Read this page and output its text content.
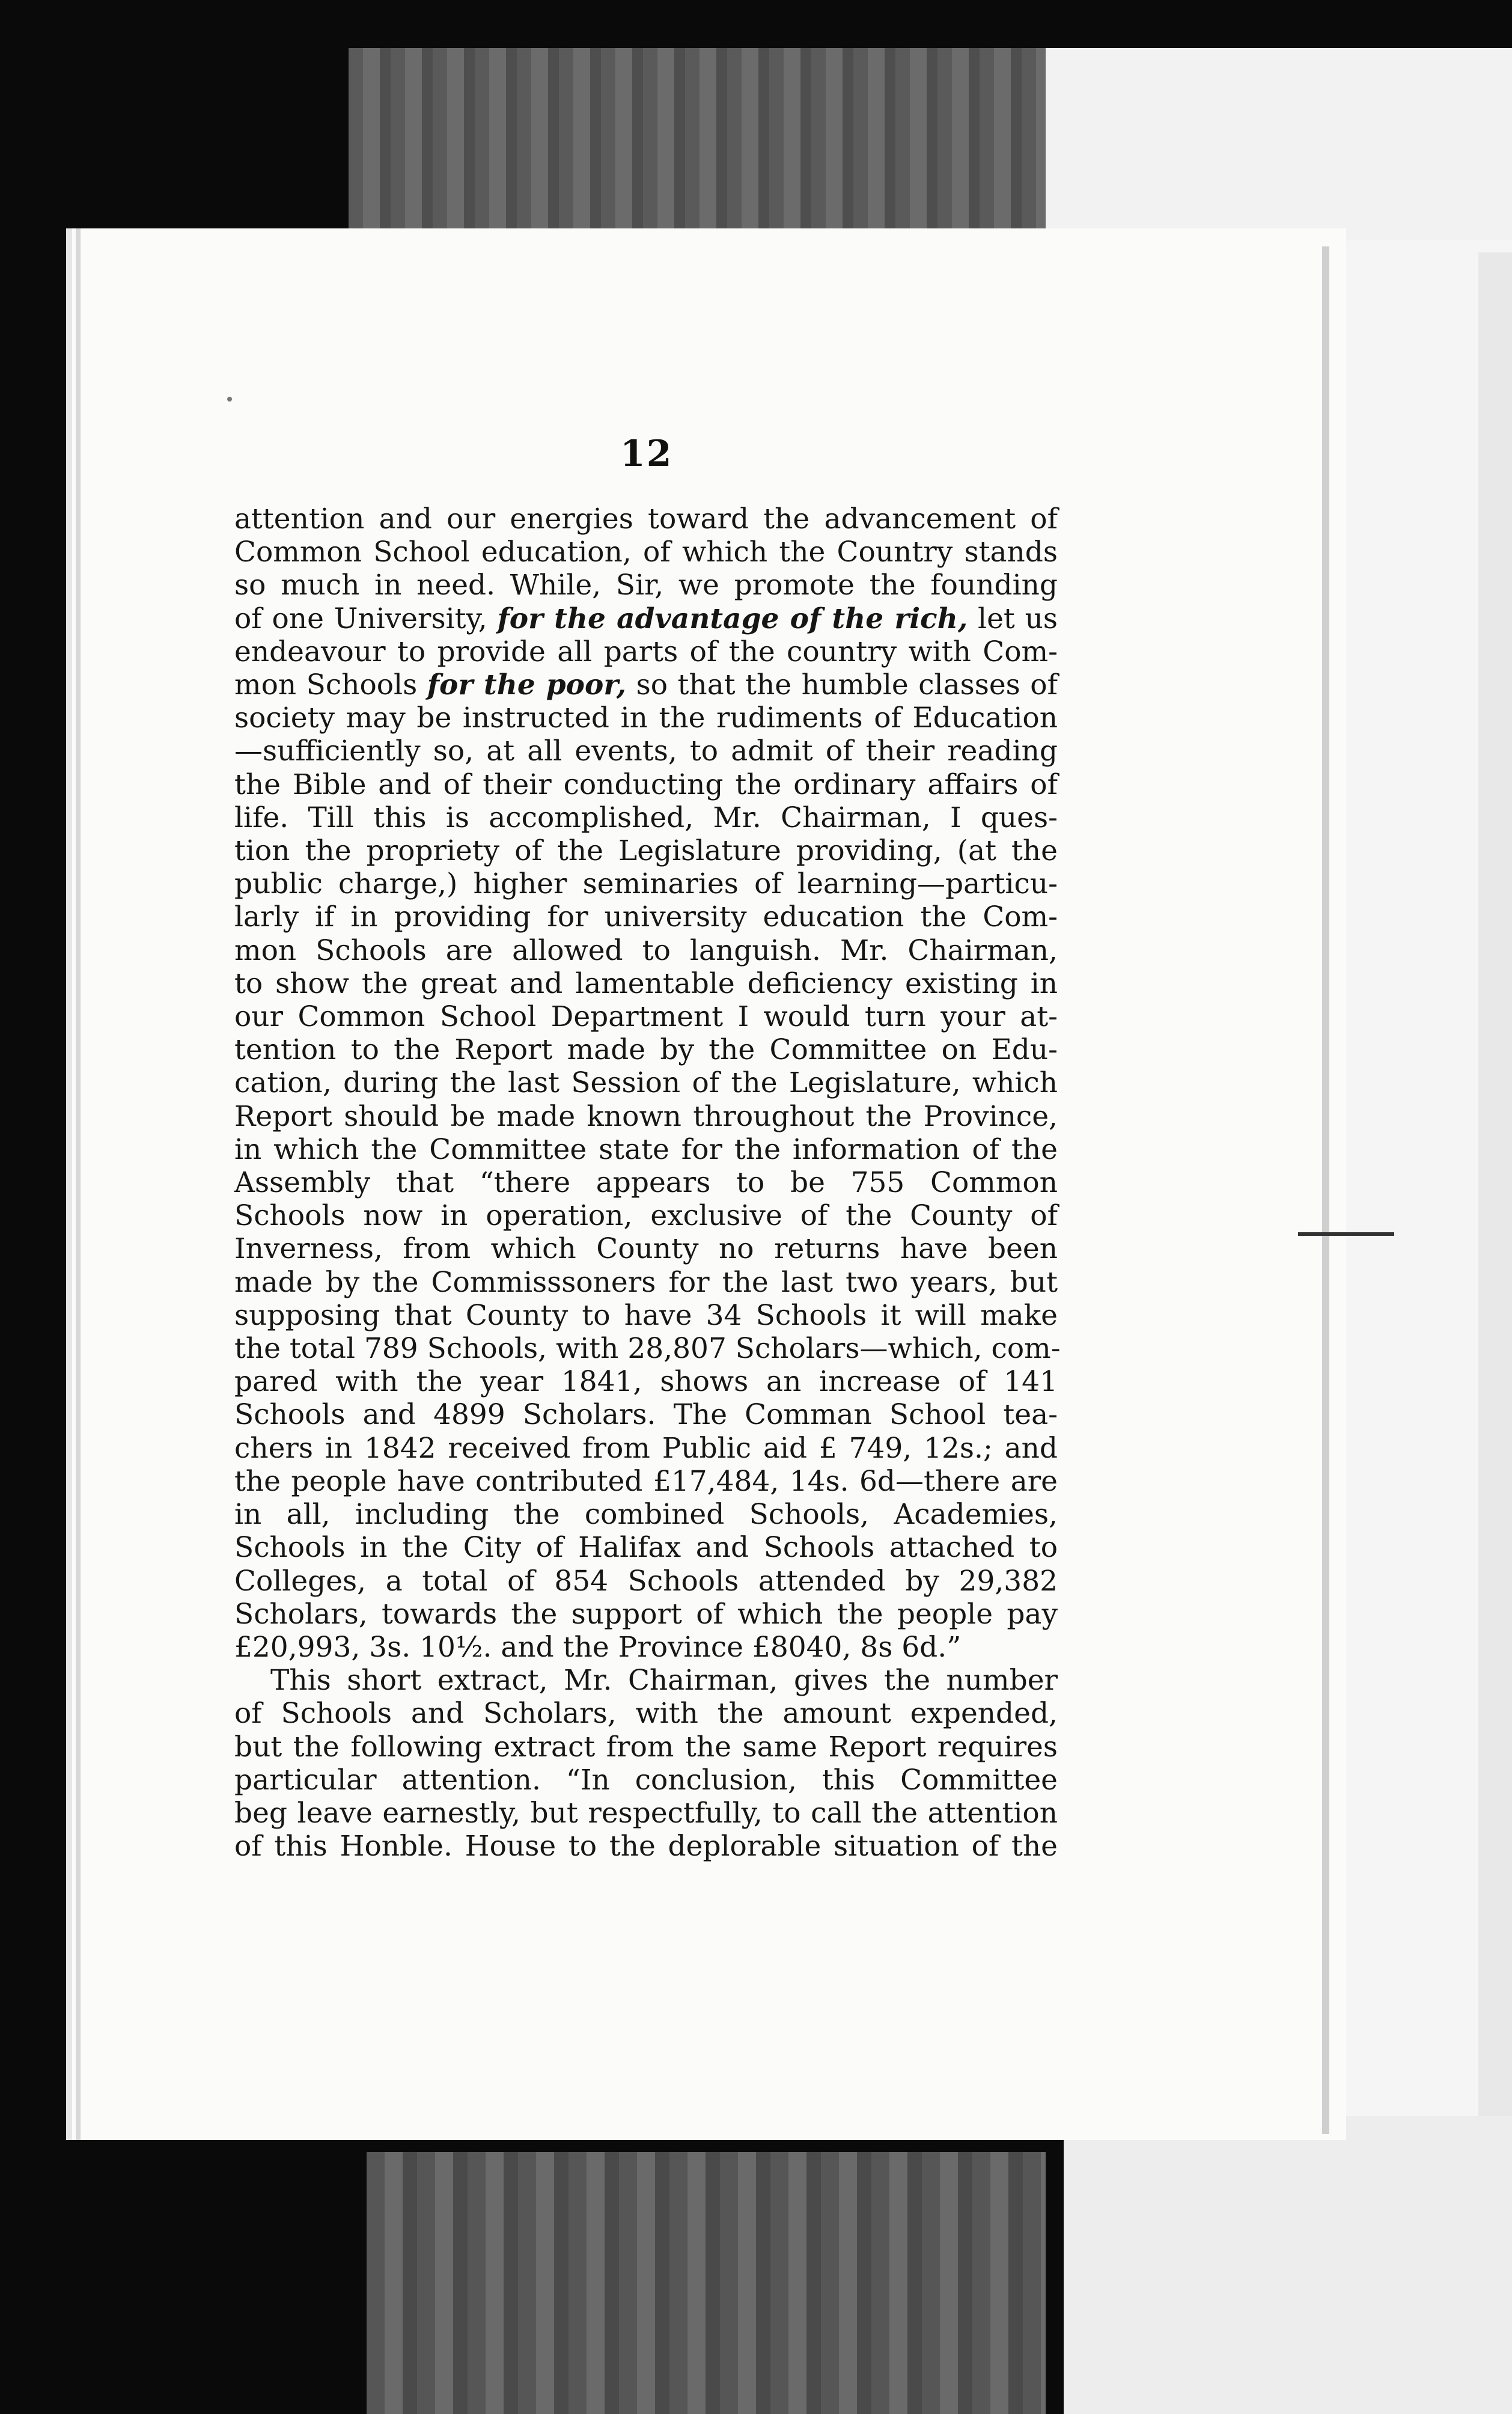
12
attention and our energies toward the advancement of
Common School education, of which the Country stands
so much in need. While, Sir, we promote the founding
of one University, for the advantage of the rich, let us
endeavour to provide all parts of the country with Com-
mon Schools for the poor, so that the humble classes of
society may be instructed in the rudiments of Education
—sufficiently so, at all events, to admit of their reading
the Bible and of their conducting the ordinary affairs of
life. Till this is accomplished, Mr. Chairman, I ques-
tion the propriety of the Legislature providing, (at the
public charge,) higher seminaries of learning—particu-
larly if in providing for university education the Com-
mon Schools are allowed to languish. Mr. Chairman,
to show the great and lamentable deficiency existing in
our Common School Department I would turn your at-
tention to the Report made by the Committee on Edu-
cation, during the last Session of the Legislature, which
Report should be made known throughout the Province,
in which the Committee state for the information of the
Assembly that “there appears to be 755 Common
Schools now in operation, exclusive of the County of
Inverness, from which County no returns have been
made by the Commisssoners for the last two years, but
supposing that County to have 34 Schools it will make
the total 789 Schools, with 28,807 Scholars—which, com-
pared with the year 1841, shows an increase of 141
Schools and 4899 Scholars. The Comman School tea-
chers in 1842 received from Public aid £ 749, 12s.; and
the people have contributed £17,484, 14s. 6d—there are
in all, including the combined Schools, Academies,
Schools in the City of Halifax and Schools attached to
Colleges, a total of 854 Schools attended by 29,382
Scholars, towards the support of which the people pay
£20,993, 3s. 10½. and the Province £8040, 8s 6d.”
This short extract, Mr. Chairman, gives the number
of Schools and Scholars, with the amount expended,
but the following extract from the same Report requires
particular attention. “In conclusion, this Committee
beg leave earnestly, but respectfully, to call the attention
of this Honble. House to the deplorable situation of the
